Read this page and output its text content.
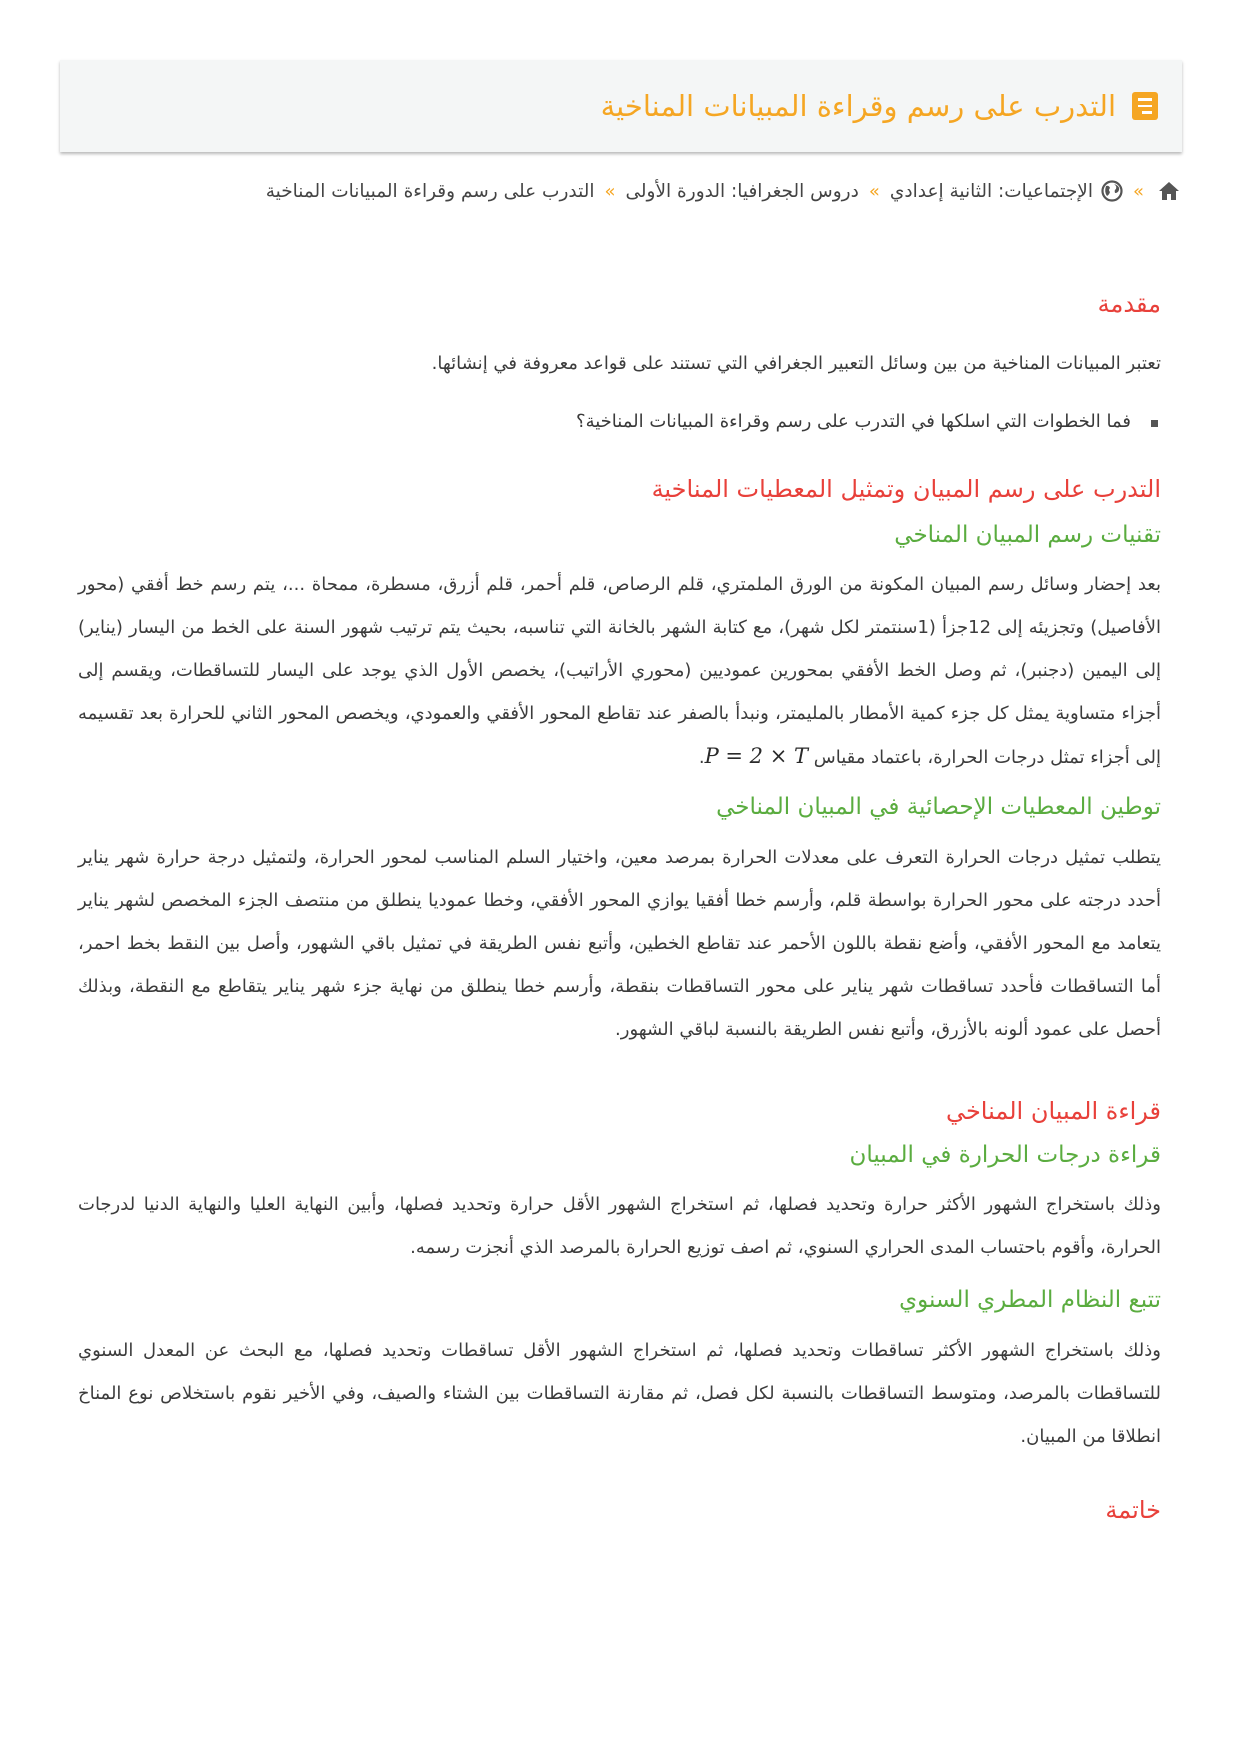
التدرب على رسم وقراءة المبيانات المناخية
»
الإجتماعيات: الثانية إعدادي
»
دروس الجغرافيا: الدورة الأولى
»
التدرب على رسم وقراءة المبيانات المناخية
مقدمة

تعتبر المبيانات المناخية من بين وسائل التعبير الجغرافي التي تستند على قواعد معروفة في إنشائها.

فما الخطوات التي اسلكها في التدرب على رسم وقراءة المبيانات المناخية؟
التدرب على رسم المبيان وتمثيل المعطيات المناخية
تقنيات رسم المبيان المناخي

بعد إحضار وسائل رسم المبيان المكونة من الورق الملمتري، قلم الرصاص، قلم أحمر، قلم أزرق، مسطرة، ممحاة ...، يتم رسم خط أفقي (محور الأفاصيل) وتجزيئه إلى 12جزأ (1سنتمتر لكل شهر)، مع كتابة الشهر بالخانة التي تناسبه، بحيث يتم ترتيب شهور السنة على الخط من اليسار (يناير) إلى اليمين (دجنبر)، ثم وصل الخط الأفقي بمحورين عموديين (محوري الأراتيب)، يخصص الأول الذي يوجد على اليسار للتساقطات، ويقسم إلى أجزاء متساوية يمثل كل جزء كمية الأمطار بالمليمتر، ونبدأ بالصفر عند تقاطع المحور الأفقي والعمودي، ويخصص المحور الثاني للحرارة بعد تقسيمه إلى أجزاء تمثل درجات الحرارة، باعتماد مقياس P = 2 × T.

توطين المعطيات الإحصائية في المبيان المناخي

يتطلب تمثيل درجات الحرارة التعرف على معدلات الحرارة بمرصد معين، واختيار السلم المناسب لمحور الحرارة، ولتمثيل درجة حرارة شهر يناير أحدد درجته على محور الحرارة بواسطة قلم، وأرسم خطا أفقيا يوازي المحور الأفقي، وخطا عموديا ينطلق من منتصف الجزء المخصص لشهر يناير يتعامد مع المحور الأفقي، وأضع نقطة باللون الأحمر عند تقاطع الخطين، وأتبع نفس الطريقة في تمثيل باقي الشهور، وأصل بين النقط بخط احمر، أما التساقطات فأحدد تساقطات شهر يناير على محور التساقطات بنقطة، وأرسم خطا ينطلق من نهاية جزء شهر يناير يتقاطع مع النقطة، وبذلك أحصل على عمود ألونه بالأزرق، وأتبع نفس الطريقة بالنسبة لباقي الشهور.

قراءة المبيان المناخي
قراءة درجات الحرارة في المبيان

وذلك باستخراج الشهور الأكثر حرارة وتحديد فصلها، ثم استخراج الشهور الأقل حرارة وتحديد فصلها، وأبين النهاية العليا والنهاية الدنيا لدرجات الحرارة، وأقوم باحتساب المدى الحراري السنوي، ثم اصف توزيع الحرارة بالمرصد الذي أنجزت رسمه.

تتبع النظام المطري السنوي

وذلك باستخراج الشهور الأكثر تساقطات وتحديد فصلها، ثم استخراج الشهور الأقل تساقطات وتحديد فصلها، مع البحث عن المعدل السنوي للتساقطات بالمرصد، ومتوسط التساقطات بالنسبة لكل فصل، ثم مقارنة التساقطات بين الشتاء والصيف، وفي الأخير نقوم باستخلاص نوع المناخ انطلاقا من المبيان.

خاتمة
